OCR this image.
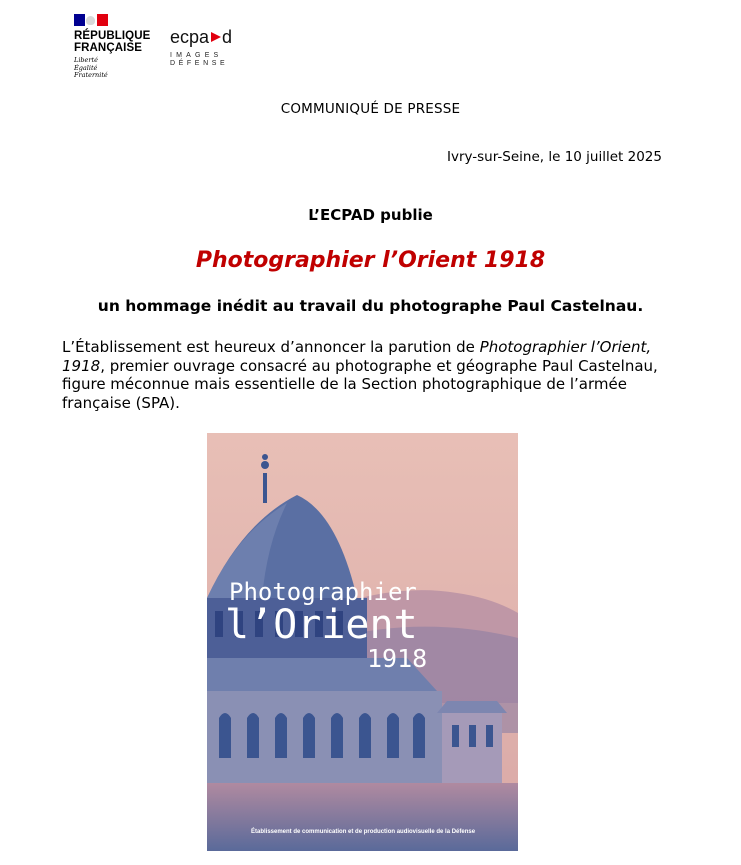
RÉPUBLIQUE
FRANÇAISE
Liberté
Égalité
Fraternité
ecpa d
IMAGES
DÉFENSE
COMMUNIQUÉ DE PRESSE
Ivry-sur-Seine, le 10 juillet 2025
L’ECPAD publie
Photographier l’Orient 1918
un hommage inédit au travail du photographe Paul Castelnau.
L’Établissement est heureux d’annoncer la parution de Photographier l’Orient, 1918, premier ouvrage consacré au photographe et géographe Paul Castelnau, figure méconnue mais essentielle de la Section photographique de l’armée française (SPA).
Photographier
l’Orient
1918
Établissement de communication et de production audiovisuelle de la Défense
